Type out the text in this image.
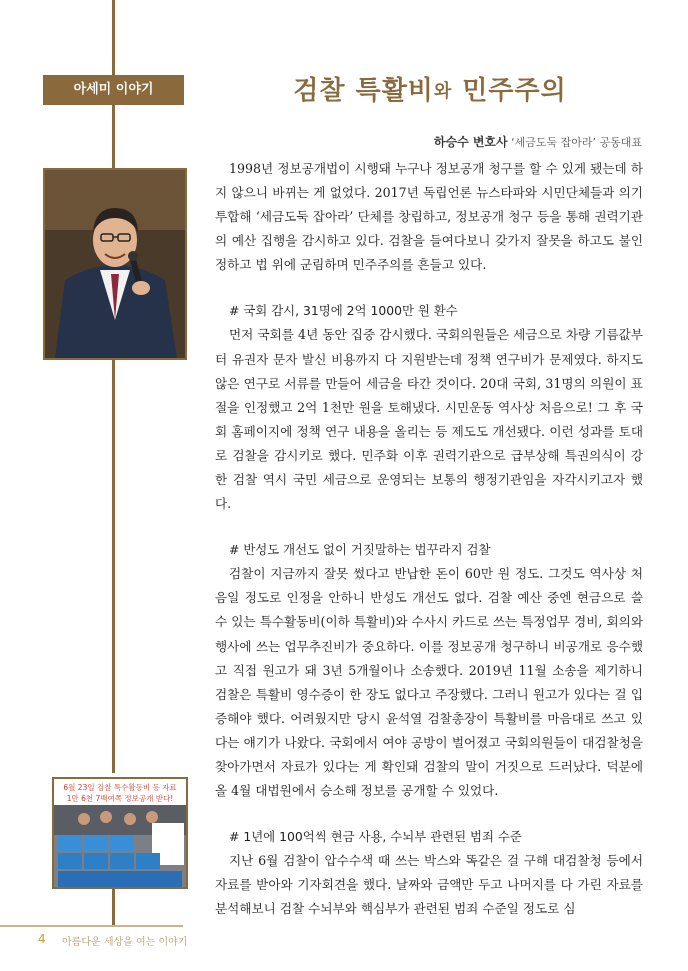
아세미 이야기	검찰 특활비와 민주주의
하승수 변호사 ‘세금도둑 잡아라’ 공동대표
6월 23일 검찰 특수활동비 등 자료
1만 6천 7백여쪽 정보공개 받다!

1998년 정보공개법이 시행돼 누구나 정보공개 청구를 할 수 있게 됐는데 하지 않으니 바뀌는 게 없었다. 2017년 독립언론 뉴스타파와 시민단체들과 의기투합해 ‘세금도둑 잡아라’ 단체를 창립하고, 정보공개 청구 등을 통해 권력기관의 예산 집행을 감시하고 있다. 검찰을 들여다보니 갖가지 잘못을 하고도 불인정하고 법 위에 군림하며 민주주의를 흔들고 있다.

# 국회 감시, 31명에 2억 1000만 원 환수

먼저 국회를 4년 동안 집중 감시했다. 국회의원들은 세금으로 차량 기름값부터 유권자 문자 발신 비용까지 다 지원받는데 정책 연구비가 문제였다. 하지도 않은 연구로 서류를 만들어 세금을 타간 것이다. 20대 국회, 31명의 의원이 표절을 인정했고 2억 1천만 원을 토해냈다. 시민운동 역사상 처음으로! 그 후 국회 홈페이지에 정책 연구 내용을 올리는 등 제도도 개선됐다. 이런 성과를 토대로 검찰을 감시키로 했다. 민주화 이후 권력기관으로 급부상해 특권의식이 강한 검찰 역시 국민 세금으로 운영되는 보통의 행정기관임을 자각시키고자 했다.

# 반성도 개선도 없이 거짓말하는 법꾸라지 검찰

검찰이 지금까지 잘못 썼다고 반납한 돈이 60만 원 정도. 그것도 역사상 처음일 정도로 인정을 안하니 반성도 개선도 없다. 검찰 예산 중엔 현금으로 쓸 수 있는 특수활동비(이하 특활비)와 수사시 카드로 쓰는 특정업무 경비, 회의와 행사에 쓰는 업무추진비가 중요하다. 이를 정보공개 청구하니 비공개로 응수했고 직접 원고가 돼 3년 5개월이나 소송했다. 2019년 11월 소송을 제기하니 검찰은 특활비 영수증이 한 장도 없다고 주장했다. 그러니 원고가 있다는 걸 입증해야 했다. 어려웠지만 당시 윤석열 검찰총장이 특활비를 마음대로 쓰고 있다는 얘기가 나왔다. 국회에서 여야 공방이 벌어졌고 국회의원들이 대검찰청을 찾아가면서 자료가 있다는 게 확인돼 검찰의 말이 거짓으로 드러났다. 덕분에 올 4월 대법원에서 승소해 정보를 공개할 수 있었다.

# 1년에 100억씩 현금 사용, 수뇌부 관련된 범죄 수준

지난 6월 검찰이 압수수색 때 쓰는 박스와 똑같은 걸 구해 대검찰청 등에서 자료를 받아와 기자회견을 했다. 날짜와 금액만 두고 나머지를 다 가린 자료를 분석해보니 검찰 수뇌부와 핵심부가 관련된 범죄 수준일 정도로 심

4 아름다운 세상을 여는 이야기
